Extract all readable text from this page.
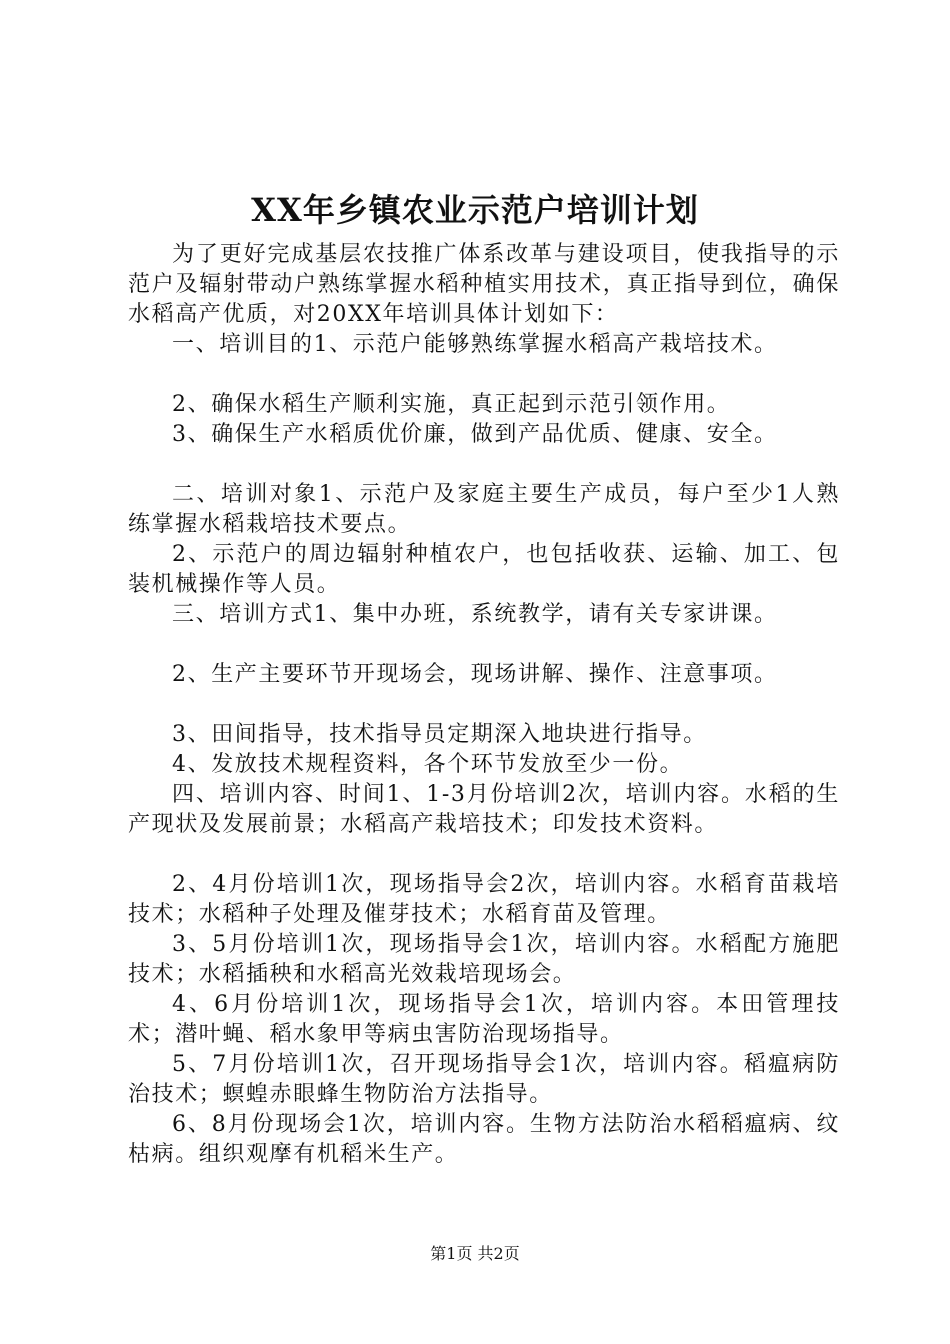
XX年乡镇农业示范户培训计划

为了更好完成基层农技推广体系改革与建设项目，使我指导的示范户及辐射带动户熟练掌握水稻种植实用技术，真正指导到位，确保水稻高产优质，对20XX年培训具体计划如下：

一、培训目的1、示范户能够熟练掌握水稻高产栽培技术。

2、确保水稻生产顺利实施，真正起到示范引领作用。

3、确保生产水稻质优价廉，做到产品优质、健康、安全。

二、培训对象1、示范户及家庭主要生产成员，每户至少1人熟练掌握水稻栽培技术要点。

2、示范户的周边辐射种植农户，也包括收获、运输、加工、包装机械操作等人员。

三、培训方式1、集中办班，系统教学，请有关专家讲课。

2、生产主要环节开现场会，现场讲解、操作、注意事项。

3、田间指导，技术指导员定期深入地块进行指导。

4、发放技术规程资料，各个环节发放至少一份。

四、培训内容、时间1、1-3月份培训2次，培训内容。水稻的生产现状及发展前景；水稻高产栽培技术；印发技术资料。

2、4月份培训1次，现场指导会2次，培训内容。水稻育苗栽培技术；水稻种子处理及催芽技术；水稻育苗及管理。

3、5月份培训1次，现场指导会1次，培训内容。水稻配方施肥技术；水稻插秧和水稻高光效栽培现场会。

4、6月份培训1次，现场指导会1次，培训内容。本田管理技术；潜叶蝇、稻水象甲等病虫害防治现场指导。

5、7月份培训1次，召开现场指导会1次，培训内容。稻瘟病防治技术；螟蝗赤眼蜂生物防治方法指导。

6、8月份现场会1次，培训内容。生物方法防治水稻稻瘟病、纹枯病。组织观摩有机稻米生产。

第1页 共2页
